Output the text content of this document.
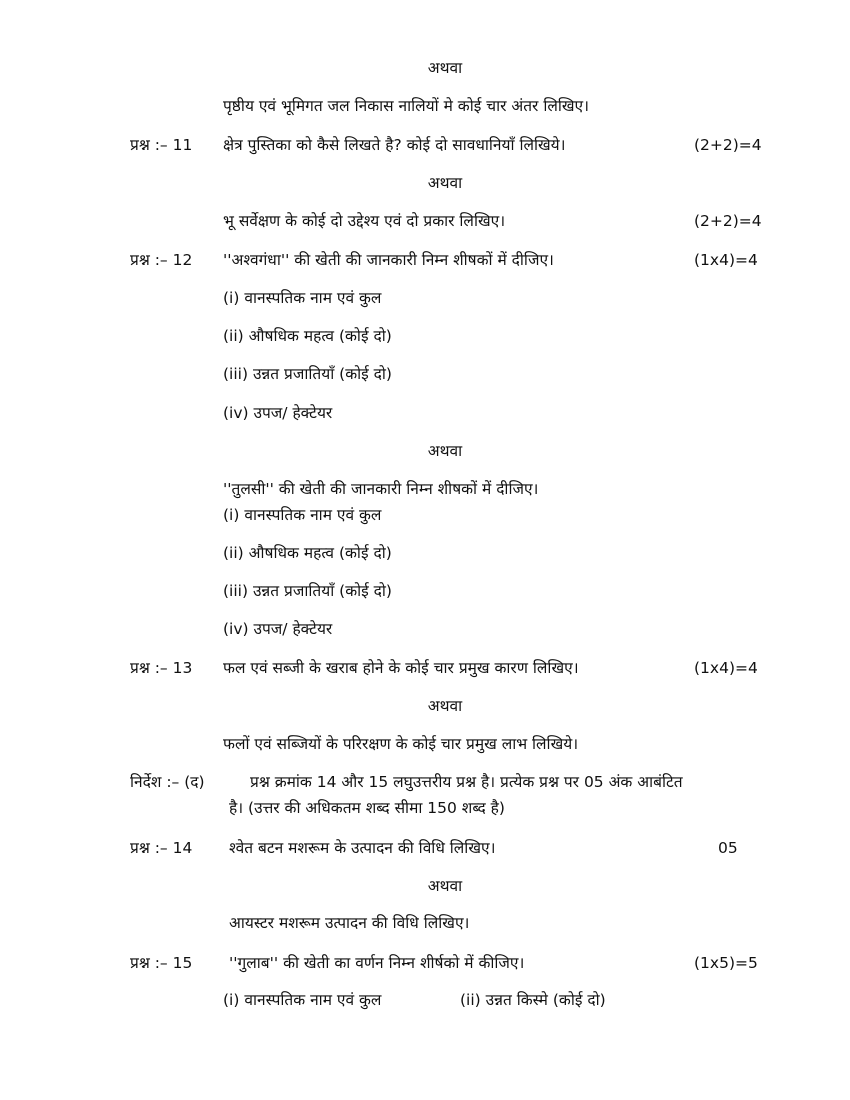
अथवा
पृष्ठीय एवं भूमिगत जल निकास नालियों मे कोई चार अंतर लिखिए।
प्रश्न :– 11 क्षेत्र पुस्तिका को कैसे लिखते है? कोई दो सावधानियॉं लिखिये।	(2+2)=4
अथवा
भू सर्वेक्षण के कोई दो उद्देश्य एवं दो प्रकार लिखिए।	(2+2)=4
प्रश्न :– 12 ''अश्वगंधा'' की खेती की जानकारी निम्न शीषकों में दीजिए।	(1x4)=4
(i) वानस्पतिक नाम एवं कुल
(ii) औषधिक महत्व (कोई दो)
(iii) उन्नत प्रजातियॉं (कोई दो)
(iv) उपज/ हेक्टेयर
अथवा
''तुलसी'' की खेती की जानकारी निम्न शीषकों में दीजिए।
(i) वानस्पतिक नाम एवं कुल
(ii) औषधिक महत्व (कोई दो)
(iii) उन्नत प्रजातियॉं (कोई दो)
(iv) उपज/ हेक्टेयर
प्रश्न :– 13 फल एवं सब्जी के खराब होने के कोई चार प्रमुख कारण लिखिए।	(1x4)=4
अथवा
फलों एवं सब्जियों के परिरक्षण के कोई चार प्रमुख लाभ लिखिये।
निर्देश :– (द)	प्रश्न क्रमांक 14 और 15 लघुउत्तरीय प्रश्न है। प्रत्येक प्रश्न पर 05 अंक आबंटित
है। (उत्तर की अधिकतम शब्द सीमा 150 शब्द है)
प्रश्न :– 14 श्वेत बटन मशरूम के उत्पादन की विधि लिखिए।	05
अथवा
आयस्टर मशरूम उत्पादन की विधि लिखिए।
प्रश्न :– 15 ''गुलाब'' की खेती का वर्णन निम्न शीर्षको में कीजिए।	(1x5)=5
(i) वानस्पतिक नाम एवं कुल	(ii) उन्नत किस्मे (कोई दो)
